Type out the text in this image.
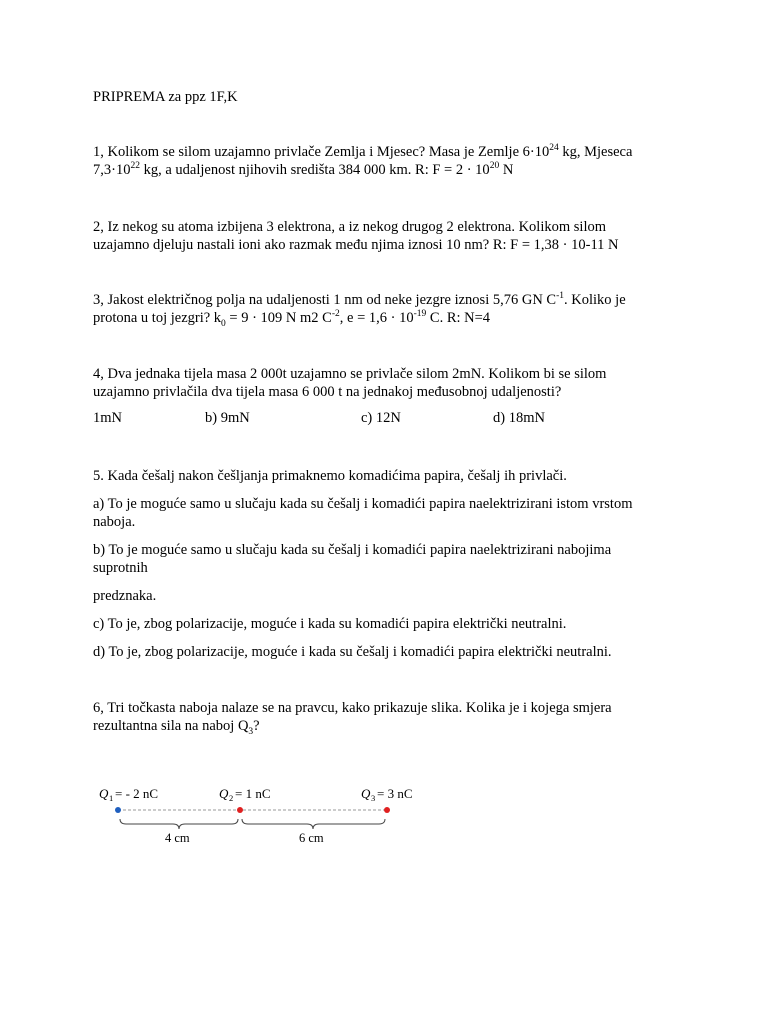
PRIPREMA za ppz 1F,K

1, Kolikom se silom uzajamno privlače Zemlja i Mjesec? Masa je Zemlje $6\cdot 10^{24}$ kg, Mjeseca

$7,3\cdot 10^{22}$ kg, a udaljenost njihovih središta 384 000 km. R: $F = 2 \cdot 10^{20}$ N

2, Iz nekog su atoma izbijena 3 elektrona, a iz nekog drugog 2 elektrona. Kolikom silom

uzajamno djeluju nastali ioni ako razmak među njima iznosi 10 nm? R: F = 1,38 · 10-11 N

3, Jakost električnog polja na udaljenosti 1 nm od neke jezgre iznosi 5,76 GN $C^{-1}$. Koliko je

protona u toj jezgri? $k_0 = 9 \cdot 109$ N m2 $C^{-2}$, $e = 1,6 \cdot 10^{-19}$ C. R: N=4

4, Dva jednaka tijela masa 2 000t uzajamno se privlače silom 2mN. Kolikom bi se silom

uzajamno privlačila dva tijela masa 6 000 t na jednakoj međusobnoj udaljenosti?

1mN	b) 9mN	c) 12N	d) 18mN

5. Kada češalj nakon češljanja primaknemo komadićima papira, češalj ih privlači.

a) To je moguće samo u slučaju kada su češalj i komadići papira naelektrizirani istom vrstom

naboja.

b) To je moguće samo u slučaju kada su češalj i komadići papira naelektrizirani nabojima

suprotnih

predznaka.

c) To je, zbog polarizacije, moguće i kada su komadići papira električki neutralni.

d) To je, zbog polarizacije, moguće i kada su češalj i komadići papira električki neutralni.

6, Tri točkasta naboja nalaze se na pravcu, kako prikazuje slika. Kolika je i kojega smjera

rezultantna sila na naboj $Q_3$?

Q 1 = - 2 nC	Q 2 = 1 nC	Q 3 = 3 nC
4 cm	6 cm
